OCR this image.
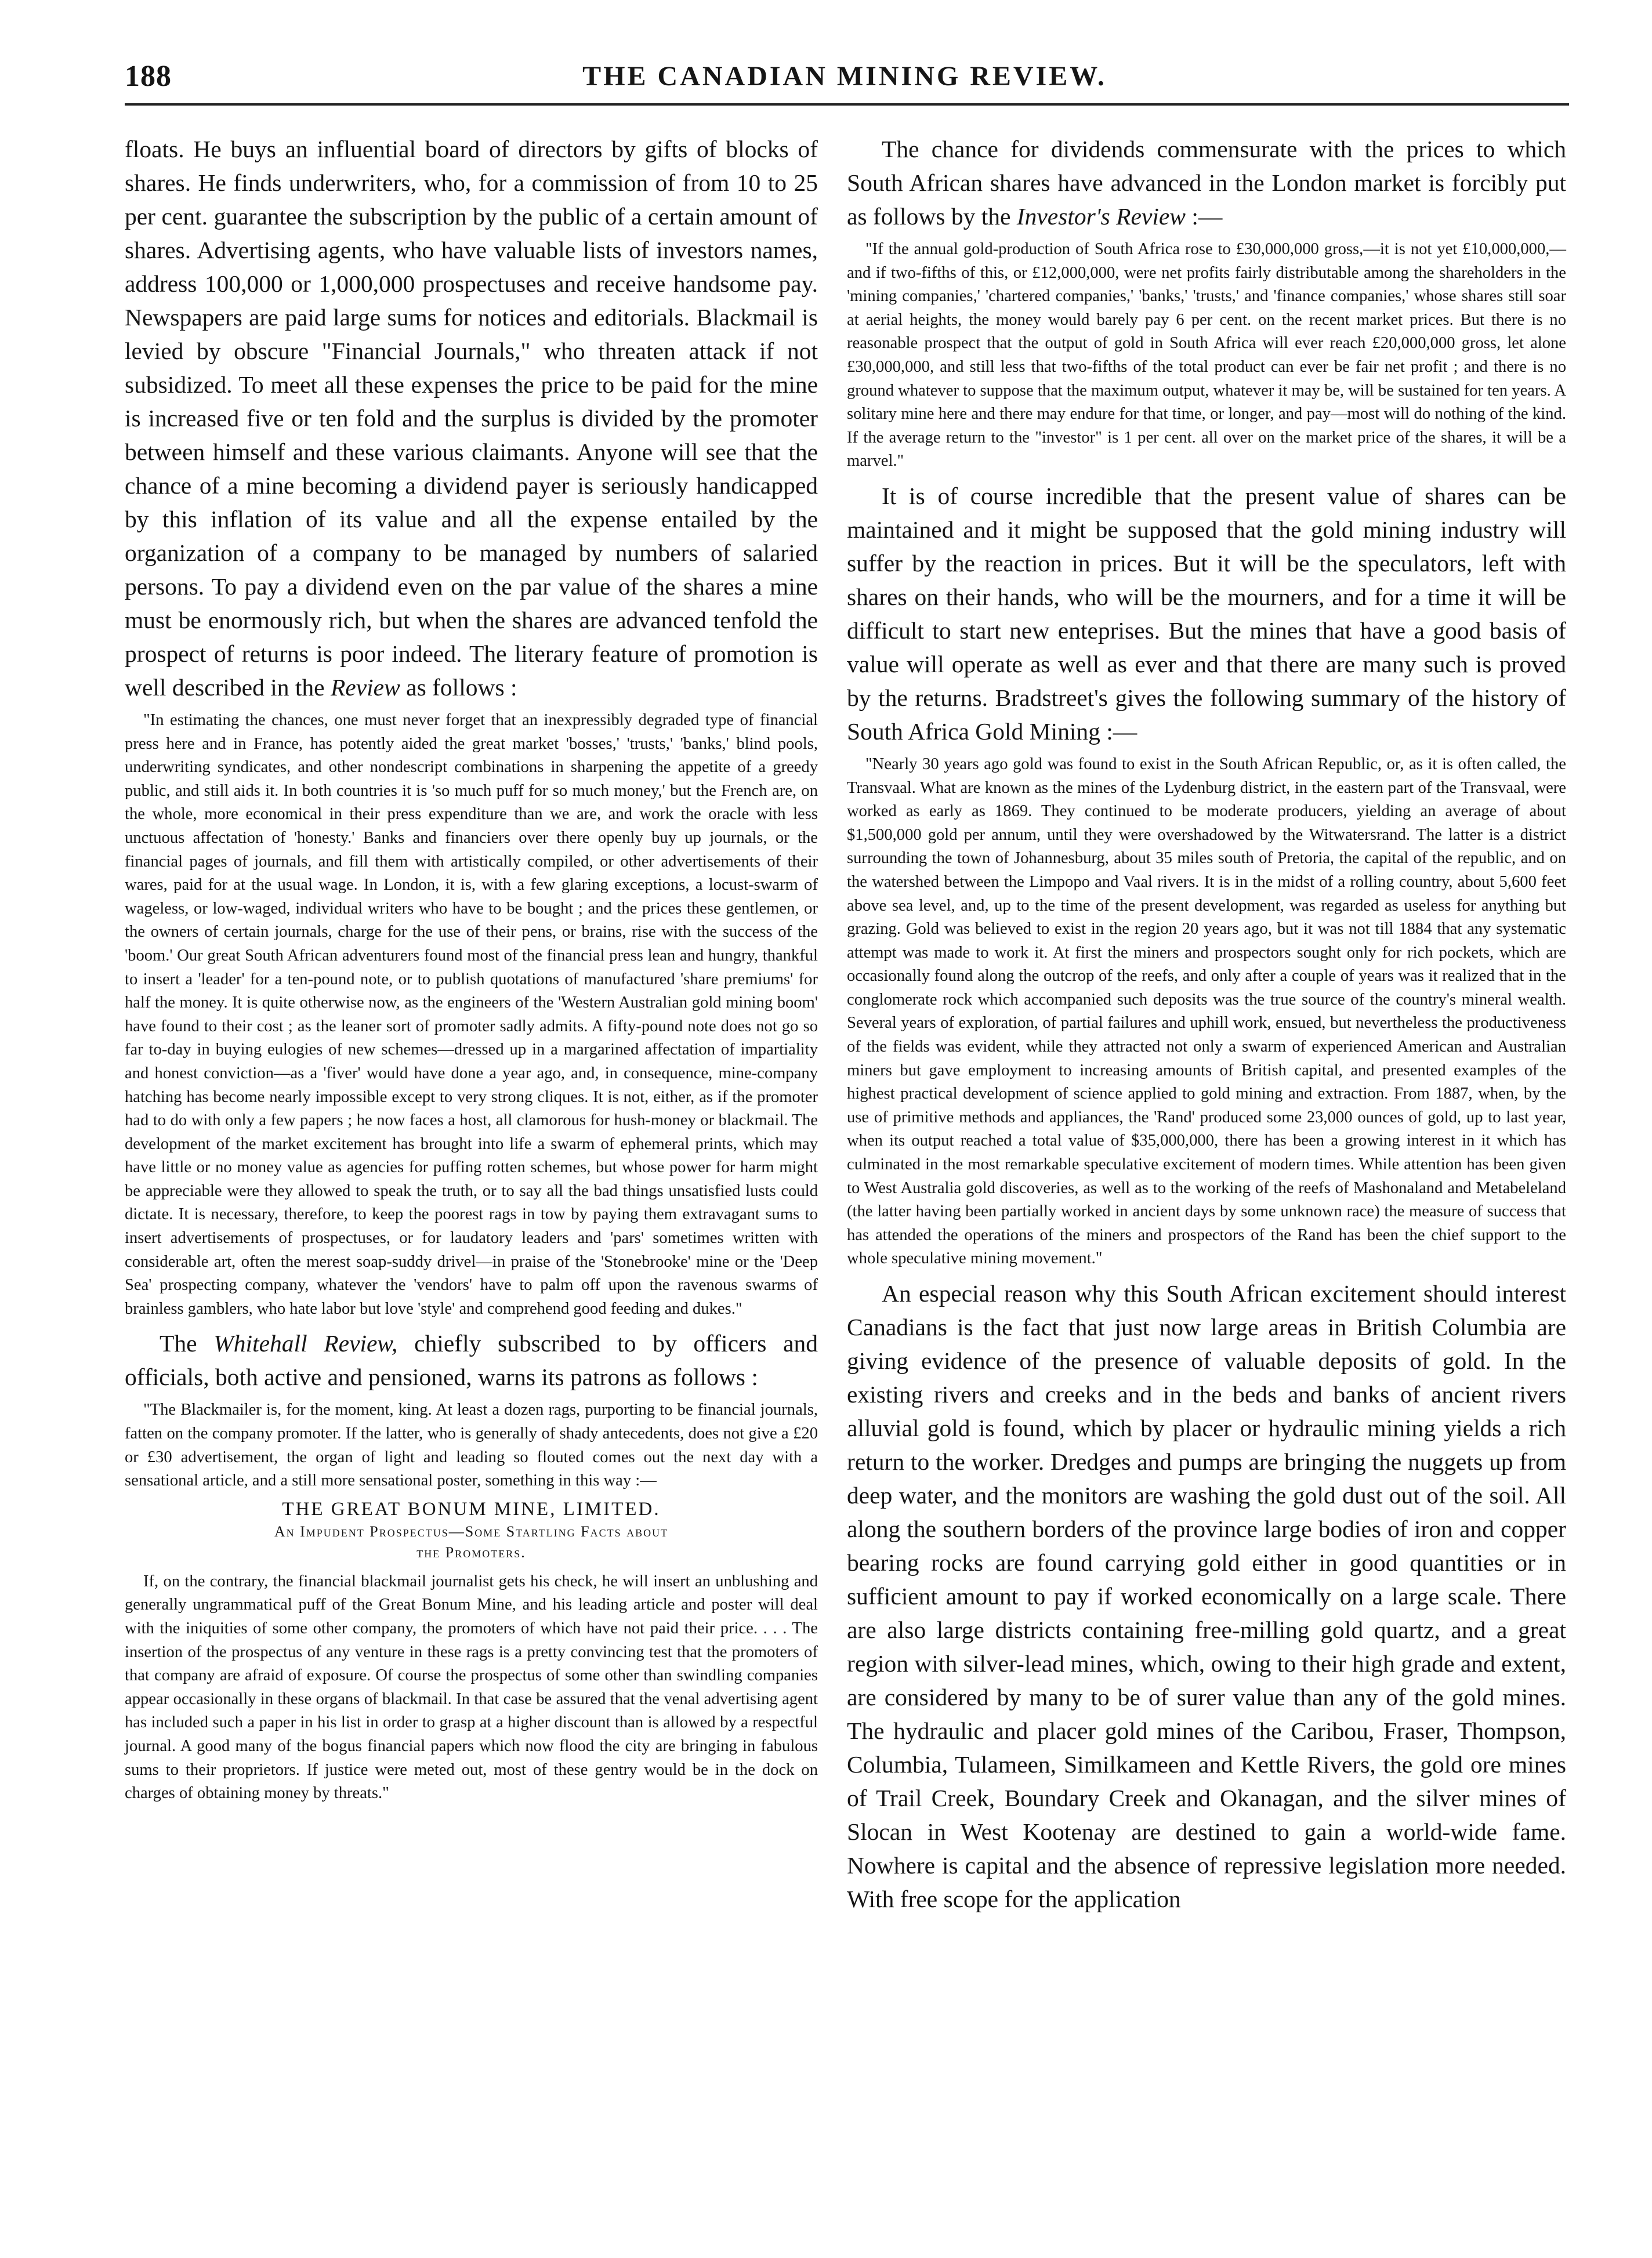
188	THE CANADIAN MINING REVIEW.

floats. He buys an influential board of directors by gifts of blocks of shares. He finds underwriters, who, for a commission of from 10 to 25 per cent. guarantee the subscription by the public of a certain amount of shares. Advertising agents, who have valuable lists of investors names, address 100,000 or 1,000,000 prospectuses and receive handsome pay. Newspapers are paid large sums for notices and editorials. Blackmail is levied by obscure "Financial Journals," who threaten attack if not subsidized. To meet all these expenses the price to be paid for the mine is increased five or ten fold and the surplus is divided by the promoter between himself and these various claimants. Anyone will see that the chance of a mine becoming a dividend payer is seriously handicapped by this inflation of its value and all the expense entailed by the organization of a company to be managed by numbers of salaried persons. To pay a dividend even on the par value of the shares a mine must be enormously rich, but when the shares are advanced tenfold the prospect of returns is poor indeed. The literary feature of promotion is well described in the Review as follows :

"In estimating the chances, one must never forget that an inexpressibly degraded type of financial press here and in France, has potently aided the great market 'bosses,' 'trusts,' 'banks,' blind pools, underwriting syndicates, and other nondescript combinations in sharpening the appetite of a greedy public, and still aids it. In both countries it is 'so much puff for so much money,' but the French are, on the whole, more economical in their press expenditure than we are, and work the oracle with less unctuous affectation of 'honesty.' Banks and financiers over there openly buy up journals, or the financial pages of journals, and fill them with artistically compiled, or other advertisements of their wares, paid for at the usual wage. In London, it is, with a few glaring exceptions, a locust-swarm of wageless, or low-waged, individual writers who have to be bought ; and the prices these gentlemen, or the owners of certain journals, charge for the use of their pens, or brains, rise with the success of the 'boom.' Our great South African adventurers found most of the financial press lean and hungry, thankful to insert a 'leader' for a ten-pound note, or to publish quotations of manufactured 'share premiums' for half the money. It is quite otherwise now, as the engineers of the 'Western Australian gold mining boom' have found to their cost ; as the leaner sort of promoter sadly admits. A fifty-pound note does not go so far to-day in buying eulogies of new schemes—dressed up in a margarined affectation of impartiality and honest conviction—as a 'fiver' would have done a year ago, and, in consequence, mine-company hatching has become nearly impossible except to very strong cliques. It is not, either, as if the promoter had to do with only a few papers ; he now faces a host, all clamorous for hush-money or blackmail. The development of the market excitement has brought into life a swarm of ephemeral prints, which may have little or no money value as agencies for puffing rotten schemes, but whose power for harm might be appreciable were they allowed to speak the truth, or to say all the bad things unsatisfied lusts could dictate. It is necessary, therefore, to keep the poorest rags in tow by paying them extravagant sums to insert advertisements of prospectuses, or for laudatory leaders and 'pars' sometimes written with considerable art, often the merest soap-suddy drivel—in praise of the 'Stonebrooke' mine or the 'Deep Sea' prospecting company, whatever the 'vendors' have to palm off upon the ravenous swarms of brainless gamblers, who hate labor but love 'style' and comprehend good feeding and dukes."

The Whitehall Review, chiefly subscribed to by officers and officials, both active and pensioned, warns its patrons as follows :

"The Blackmailer is, for the moment, king. At least a dozen rags, purporting to be financial journals, fatten on the company promoter. If the latter, who is generally of shady antecedents, does not give a £20 or £30 advertisement, the organ of light and leading so flouted comes out the next day with a sensational article, and a still more sensational poster, something in this way :—

THE GREAT BONUM MINE, LIMITED.
An Impudent Prospectus—Some Startling Facts about
the Promoters.

If, on the contrary, the financial blackmail journalist gets his check, he will insert an unblushing and generally ungrammatical puff of the Great Bonum Mine, and his leading article and poster will deal with the iniquities of some other company, the promoters of which have not paid their price. . . . The insertion of the prospectus of any venture in these rags is a pretty convincing test that the promoters of that company are afraid of exposure. Of course the prospectus of some other than swindling companies appear occasionally in these organs of blackmail. In that case be assured that the venal advertising agent has included such a paper in his list in order to grasp at a higher discount than is allowed by a respectful journal. A good many of the bogus financial papers which now flood the city are bringing in fabulous sums to their proprietors. If justice were meted out, most of these gentry would be in the dock on charges of obtaining money by threats."

The chance for dividends commensurate with the prices to which South African shares have advanced in the London market is forcibly put as follows by the Investor's Review :—

"If the annual gold-production of South Africa rose to £30,000,000 gross,—it is not yet £10,000,000,—and if two-fifths of this, or £12,000,000, were net profits fairly distributable among the shareholders in the 'mining companies,' 'chartered companies,' 'banks,' 'trusts,' and 'finance companies,' whose shares still soar at aerial heights, the money would barely pay 6 per cent. on the recent market prices. But there is no reasonable prospect that the output of gold in South Africa will ever reach £20,000,000 gross, let alone £30,000,000, and still less that two-fifths of the total product can ever be fair net profit ; and there is no ground whatever to suppose that the maximum output, whatever it may be, will be sustained for ten years. A solitary mine here and there may endure for that time, or longer, and pay—most will do nothing of the kind. If the average return to the "investor" is 1 per cent. all over on the market price of the shares, it will be a marvel."

It is of course incredible that the present value of shares can be maintained and it might be supposed that the gold mining industry will suffer by the reaction in prices. But it will be the speculators, left with shares on their hands, who will be the mourners, and for a time it will be difficult to start new enteprises. But the mines that have a good basis of value will operate as well as ever and that there are many such is proved by the returns. Bradstreet's gives the following summary of the history of South Africa Gold Mining :—

"Nearly 30 years ago gold was found to exist in the South African Republic, or, as it is often called, the Transvaal. What are known as the mines of the Lydenburg district, in the eastern part of the Transvaal, were worked as early as 1869. They continued to be moderate producers, yielding an average of about $1,500,000 gold per annum, until they were overshadowed by the Witwatersrand. The latter is a district surrounding the town of Johannesburg, about 35 miles south of Pretoria, the capital of the republic, and on the watershed between the Limpopo and Vaal rivers. It is in the midst of a rolling country, about 5,600 feet above sea level, and, up to the time of the present development, was regarded as useless for anything but grazing. Gold was believed to exist in the region 20 years ago, but it was not till 1884 that any systematic attempt was made to work it. At first the miners and prospectors sought only for rich pockets, which are occasionally found along the outcrop of the reefs, and only after a couple of years was it realized that in the conglomerate rock which accompanied such deposits was the true source of the country's mineral wealth. Several years of exploration, of partial failures and uphill work, ensued, but nevertheless the productiveness of the fields was evident, while they attracted not only a swarm of experienced American and Australian miners but gave employment to increasing amounts of British capital, and presented examples of the highest practical development of science applied to gold mining and extraction. From 1887, when, by the use of primitive methods and appliances, the 'Rand' produced some 23,000 ounces of gold, up to last year, when its output reached a total value of $35,000,000, there has been a growing interest in it which has culminated in the most remarkable speculative excitement of modern times. While attention has been given to West Australia gold discoveries, as well as to the working of the reefs of Mashonaland and Metabeleland (the latter having been partially worked in ancient days by some unknown race) the measure of success that has attended the operations of the miners and prospectors of the Rand has been the chief support to the whole speculative mining movement."

An especial reason why this South African excitement should interest Canadians is the fact that just now large areas in British Columbia are giving evidence of the presence of valuable deposits of gold. In the existing rivers and creeks and in the beds and banks of ancient rivers alluvial gold is found, which by placer or hydraulic mining yields a rich return to the worker. Dredges and pumps are bringing the nuggets up from deep water, and the monitors are washing the gold dust out of the soil. All along the southern borders of the province large bodies of iron and copper bearing rocks are found carrying gold either in good quantities or in sufficient amount to pay if worked economically on a large scale. There are also large districts containing free-milling gold quartz, and a great region with silver-lead mines, which, owing to their high grade and extent, are considered by many to be of surer value than any of the gold mines. The hydraulic and placer gold mines of the Caribou, Fraser, Thompson, Columbia, Tulameen, Similkameen and Kettle Rivers, the gold ore mines of Trail Creek, Boundary Creek and Okanagan, and the silver mines of Slocan in West Kootenay are destined to gain a world-wide fame. Nowhere is capital and the absence of repressive legislation more needed. With free scope for the application
